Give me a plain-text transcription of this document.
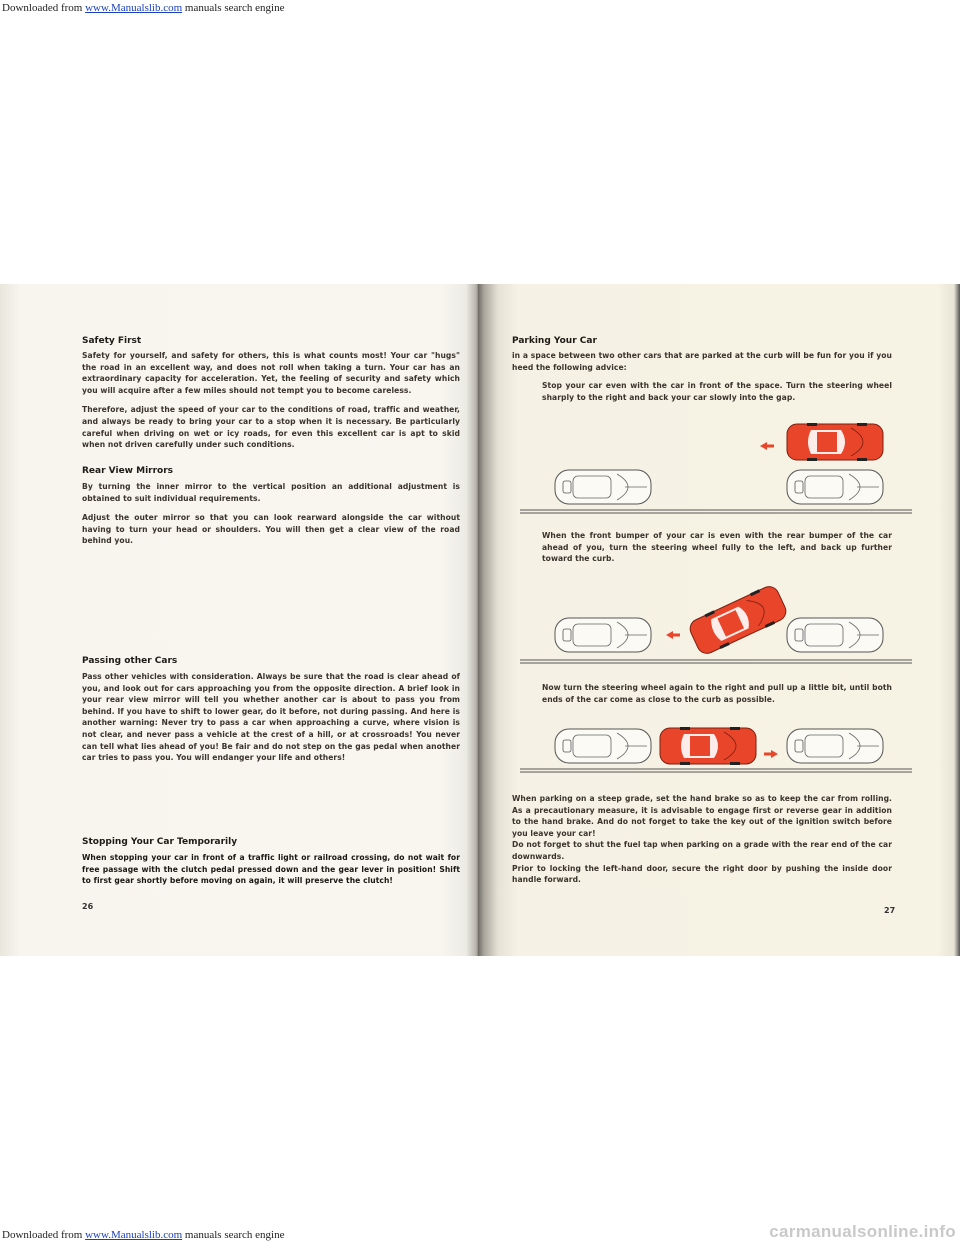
Downloaded from www.Manualslib.com manuals search engine
Safety First

Safety for yourself, and safety for others, this is what counts most! Your car "hugs" the road in an excellent way, and does not roll when taking a turn. Your car has an extraordinary capacity for acceleration. Yet, the feeling of security and safety which you will acquire after a few miles should not tempt you to become careless.

Therefore, adjust the speed of your car to the conditions of road, traffic and weather, and always be ready to bring your car to a stop when it is necessary. Be particularly careful when driving on wet or icy roads, for even this excellent car is apt to skid when not driven carefully under such conditions.

Rear View Mirrors

By turning the inner mirror to the vertical position an additional adjustment is obtained to suit individual requirements.

Adjust the outer mirror so that you can look rearward alongside the car without having to turn your head or shoulders. You will then get a clear view of the road behind you.

Passing other Cars

Pass other vehicles with consideration. Always be sure that the road is clear ahead of you, and look out for cars approaching you from the opposite direction. A brief look in your rear view mirror will tell you whether another car is about to pass you from behind. If you have to shift to lower gear, do it before, not during passing. And here is another warning: Never try to pass a car when approaching a curve, where vision is not clear, and never pass a vehicle at the crest of a hill, or at crossroads! You never can tell what lies ahead of you! Be fair and do not step on the gas pedal when another car tries to pass you. You will endanger your life and others!

Stopping Your Car Temporarily

When stopping your car in front of a traffic light or railroad crossing, do not wait for free passage with the clutch pedal pressed down and the gear lever in position! Shift to first gear shortly before moving on again, it will preserve the clutch!

26
Parking Your Car
in a space between two other cars that are parked at the curb will be fun for you if you heed the following advice:
Stop your car even with the car in front of the space. Turn the steering wheel sharply to the right and back your car slowly into the gap.
When the front bumper of your car is even with the rear bumper of the car ahead of you, turn the steering wheel fully to the left, and back up further toward the curb.
Now turn the steering wheel again to the right and pull up a little bit, until both ends of the car come as close to the curb as possible.
When parking on a steep grade, set the hand brake so as to keep the car from rolling. As a precautionary measure, it is advisable to engage first or reverse gear in addition to the hand brake. And do not forget to take the key out of the ignition switch before you leave your car!
Do not forget to shut the fuel tap when parking on a grade with the rear end of the car downwards.
Prior to locking the left-hand door, secure the right door by pushing the inside door handle forward.
27
Downloaded from www.Manualslib.com manuals search engine	carmanualsonline.info
